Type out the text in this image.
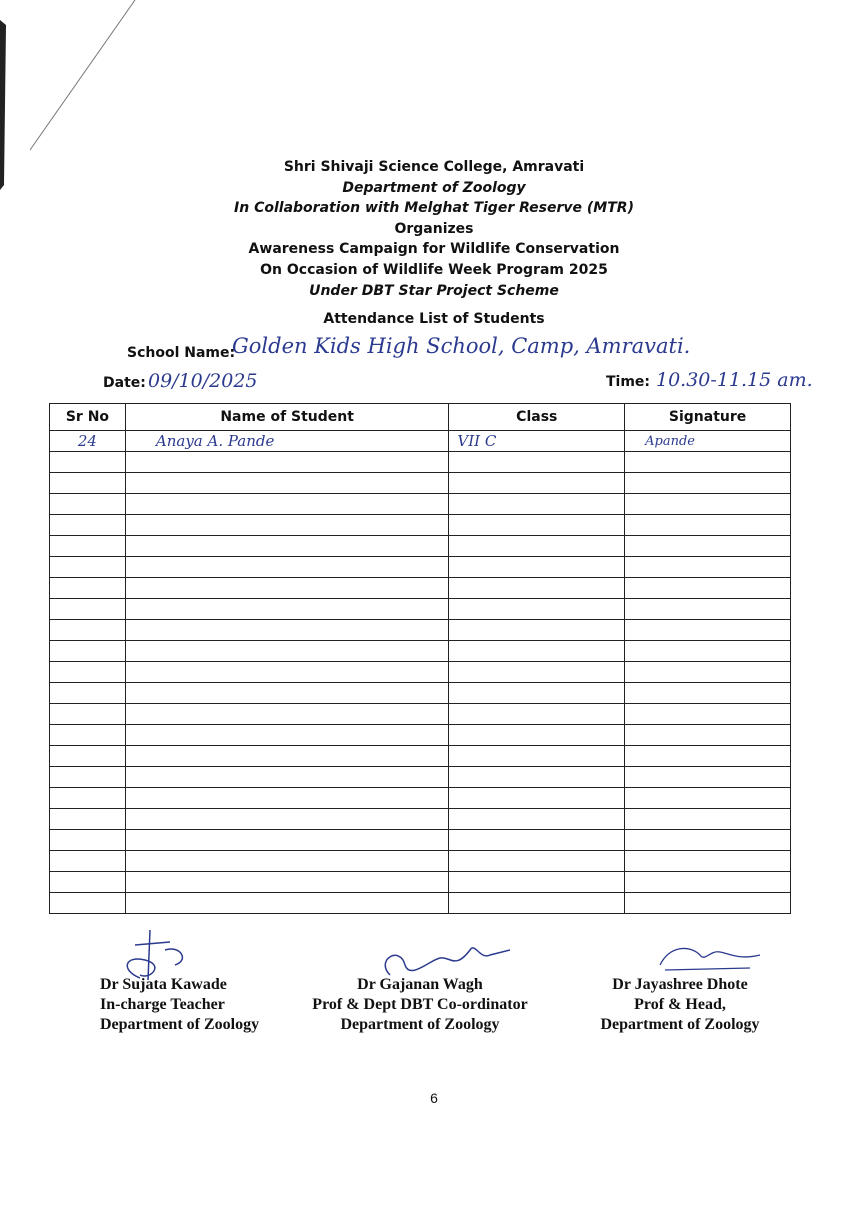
Shri Shivaji Science College, Amravati
Department of Zoology
In Collaboration with Melghat Tiger Reserve (MTR)
Organizes
Awareness Campaign for Wildlife Conservation
On Occasion of Wildlife Week Program 2025
Under DBT Star Project Scheme
Attendance List of Students
School Name:
Golden Kids High School, Camp, Amravati.
Date: 09/10/2025	Time: 10.30-11.15 am.
Sr No	Name of Student	Class	Signature
24	Anaya A. Pande	VII C	Apande

Dr Sujata Kawade
In-charge Teacher
Department of Zoology
Dr Gajanan Wagh
Prof & Dept DBT Co-ordinator
Department of Zoology
Dr Jayashree Dhote
Prof & Head,
Department of Zoology
6
